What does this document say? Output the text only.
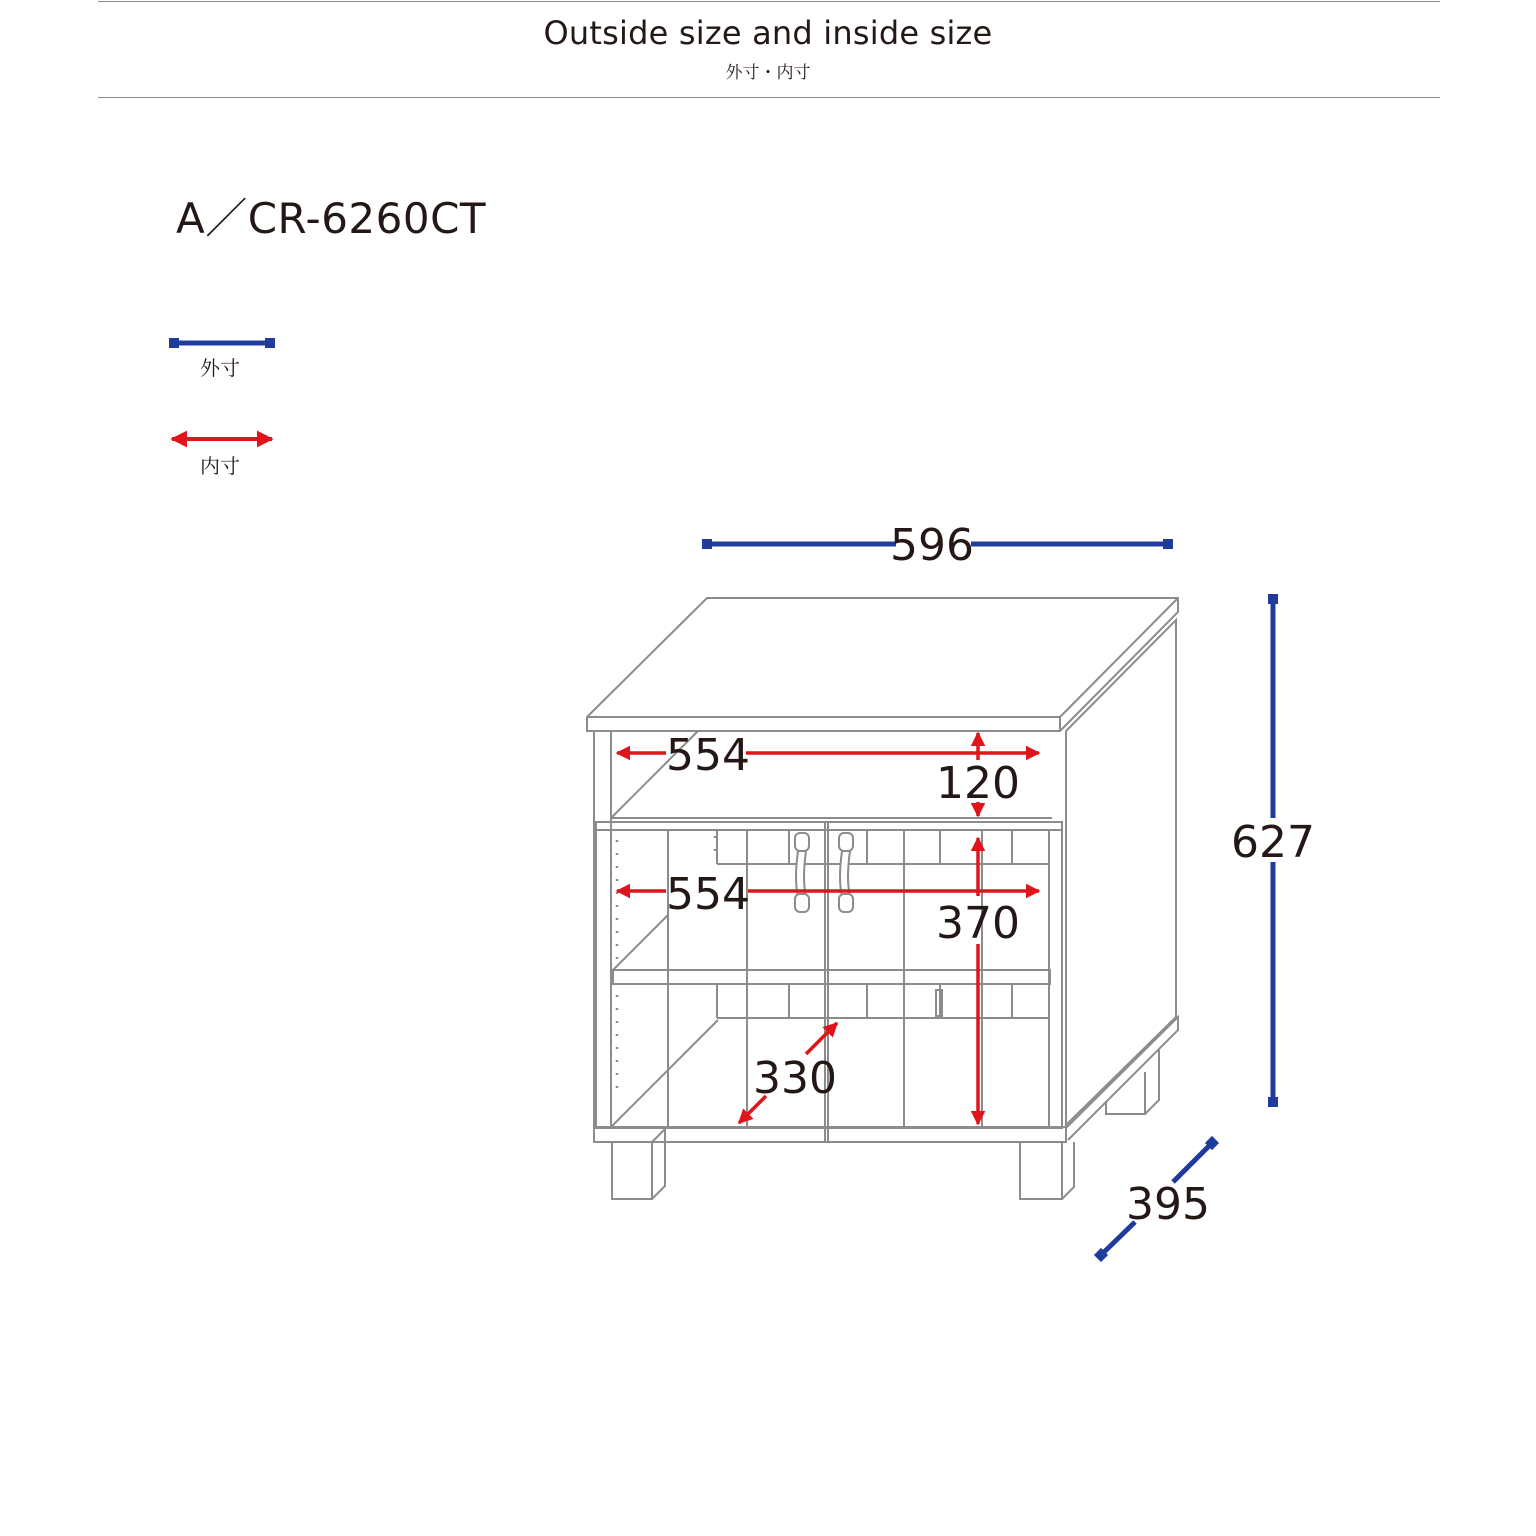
Outside size and inside size
外寸・内寸
A／CR-6260CT
外寸
内寸
596
627
395
554
120
554
370
330
